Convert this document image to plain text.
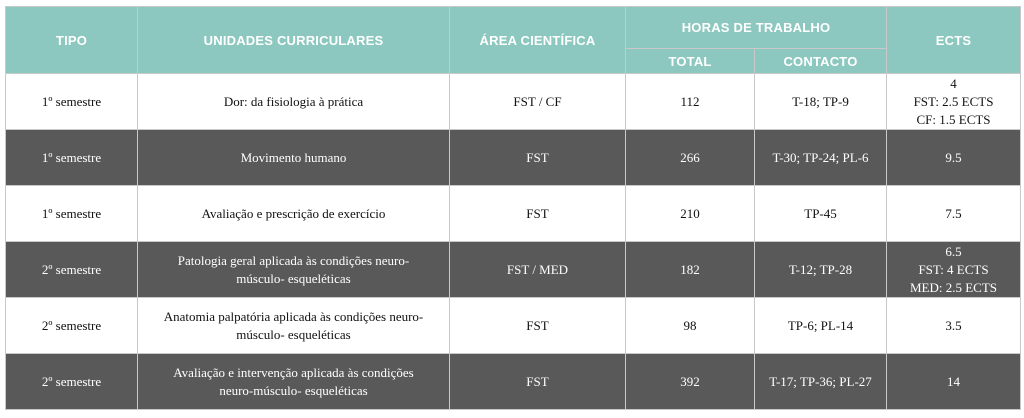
TIPO	UNIDADES CURRICULARES	ÁREA CIENTÍFICA	HORAS DE TRABALHO		ECTS
			TOTAL	CONTACTO	
1º semestre	Dor: da fisiologia à prática	FST / CF	112	T-18; TP-9	4
FST: 2.5 ECTS
CF: 1.5 ECTS

1º semestre	Movimento humano	FST	266	T-30; TP-24; PL-6	9.5

1º semestre	Avaliação e prescrição de exercício	FST	210	TP-45	7.5

2º semestre	Patologia geral aplicada às condições neuro-
músculo- esqueléticas	FST / MED	182	T-12; TP-28	6.5
FST: 4 ECTS
MED: 2.5 ECTS

2º semestre	Anatomia palpatória aplicada às condições neuro-
músculo- esqueléticas	FST	98	TP-6; PL-14	3.5

2º semestre	Avaliação e intervenção aplicada às condições
neuro-músculo- esqueléticas	FST	392	T-17; TP-36; PL-27	14
